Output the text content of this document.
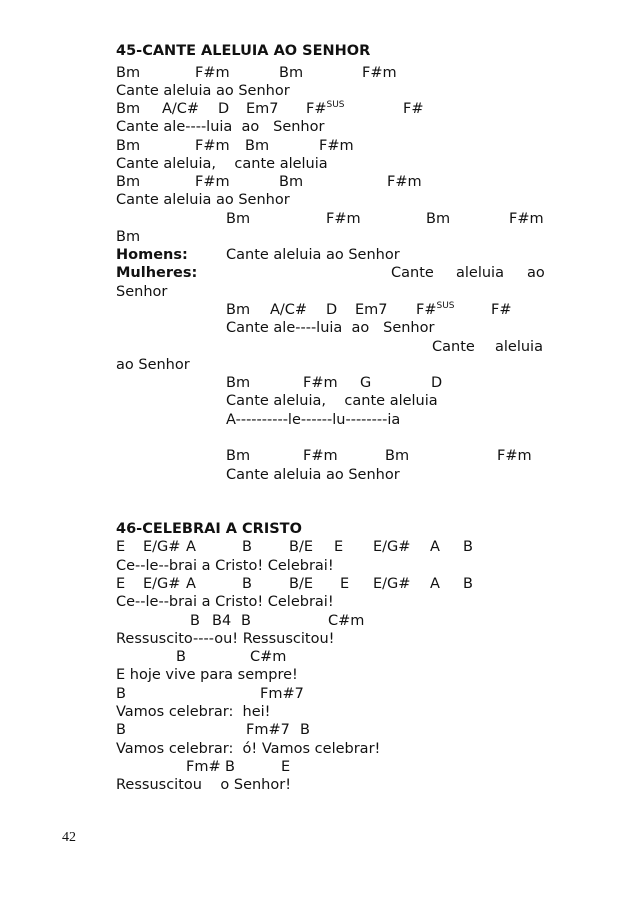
45-CANTE ALELUIA AO SENHOR
Bm	F#m	Bm	F#m
Cante aleluia ao Senhor
Bm A/C# D Em7 F#$^{SUS}$	F#
Cante ale----luia  ao   Senhor
Bm	F#m Bm	F#m
Cante aleluia,    cante aleluia
Bm	F#m	Bm	F#m
Cante aleluia ao Senhor
Bm	F#m	Bm	F#m
Bm
Homens:	Cante aleluia ao Senhor
Mulheres:	Cante aleluia ao
Senhor
Bm A/C# D Em7 F#$^{SUS}$	F#
Cante ale----luia  ao   Senhor
Cante aleluia
ao Senhor
Bm	F#m G	D
Cante aleluia,    cante aleluia
A----------le------lu--------ia
Bm	F#m	Bm	F#m
Cante aleluia ao Senhor
46-CELEBRAI A CRISTO
E E/G# A	B	B/E E E/G# A B
Ce--le--brai a Cristo! Celebrai!
E E/G# A	B	B/E E E/G# A B
Ce--le--brai a Cristo! Celebrai!
B B4 B	C#m
Ressuscito----ou! Ressuscitou!
B	C#m
E hoje vive para sempre!
B	Fm#7
Vamos celebrar:  hei!
B	Fm#7 B
Vamos celebrar:  ó! Vamos celebrar!
Fm# B	E
Ressuscitou    o Senhor!
42
